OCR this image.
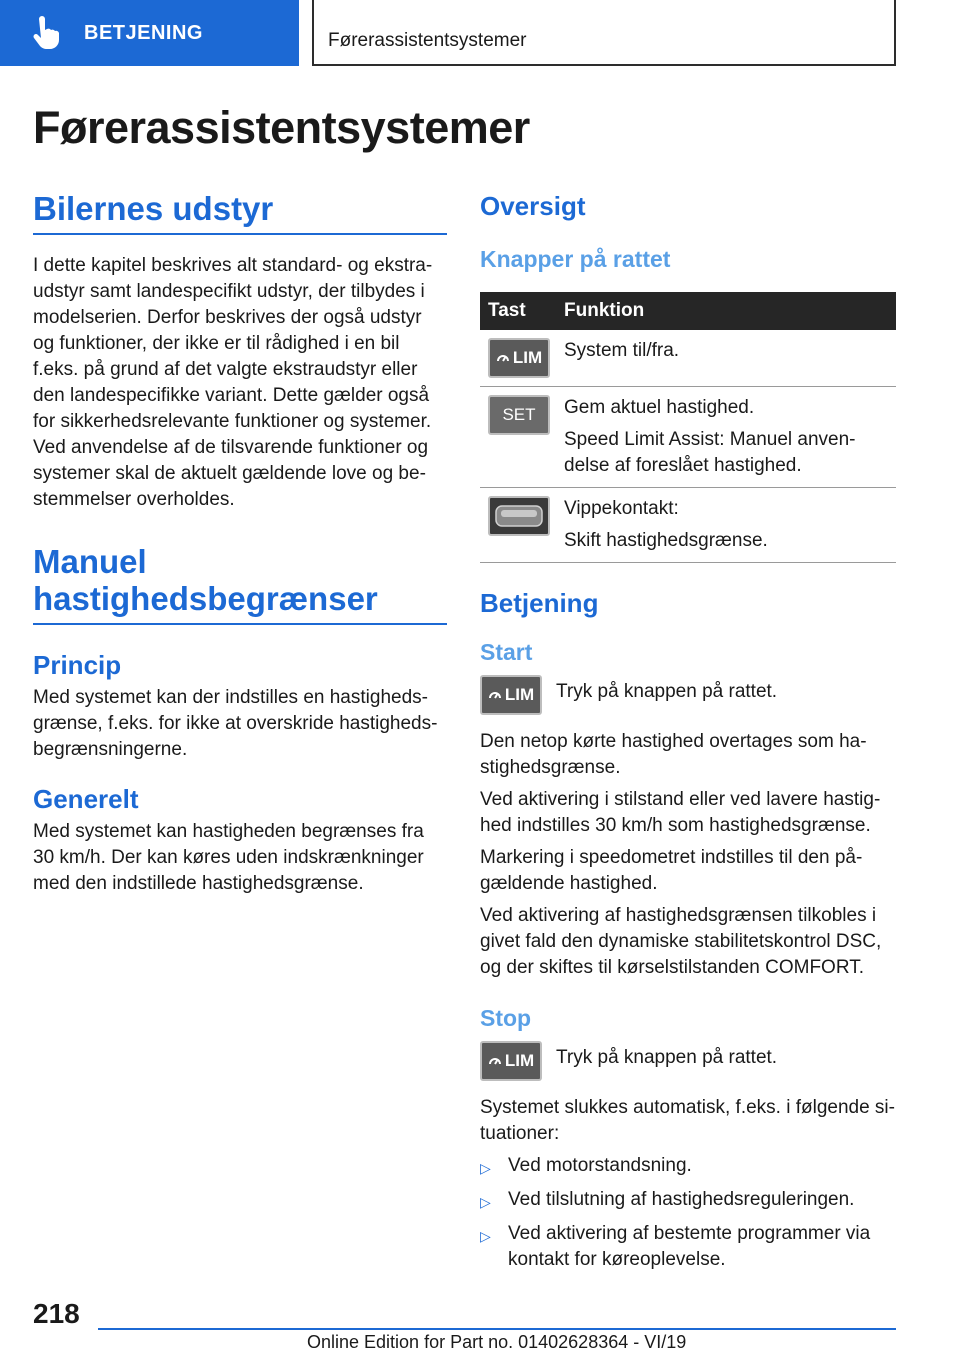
BETJENING	Førerassistentsystemer
Førerassistentsystemer
Bilernes udstyr

I dette kapitel beskrives alt standard- og ekstraudstyr samt landespecifikt udstyr, der tilbydes i modelserien. Derfor beskrives der også udstyr og funktioner, der ikke er til rådighed i en bil f.eks. på grund af det valgte ekstraudstyr eller den landespecifikke variant. Dette gælder også for sikkerhedsrelevante funktioner og systemer. Ved anvendelse af de tilsvarende funktioner og systemer skal de aktuelt gældende love og bestemmelser overholdes.

Manuel
hastighedsbegrænser
Princip

Med systemet kan der indstilles en hastighedsgrænse, f.eks. for ikke at overskride hastighedsbegrænsningerne.

Generelt

Med systemet kan hastigheden begrænses fra 30 km/h. Der kan køres uden indskrænkninger med den indstillede hastighedsgrænse.

Oversigt
Knapper på rattet
Tast	Funktion

LIM	System til/fra.

SET	Gem aktuel hastighed.
Speed Limit Assist: Manuel anvendelse af foreslået hastighed.

Vippekontakt:
Skift hastighedsgrænse.
Betjening
Start
LIM Tryk på knappen på rattet.

Den netop kørte hastighed overtages som hastighedsgrænse.

Ved aktivering i stilstand eller ved lavere hastighed indstilles 30 km/h som hastighedsgrænse.

Markering i speedometret indstilles til den pågældende hastighed.

Ved aktivering af hastighedsgrænsen tilkobles i givet fald den dynamiske stabilitetskontrol DSC, og der skiftes til kørselstilstanden COMFORT.

Stop
LIM Tryk på knappen på rattet.

Systemet slukkes automatisk, f.eks. i følgende situationer:

▷ Ved motorstandsning.
▷ Ved tilslutning af hastighedsreguleringen.
▷ Ved aktivering af bestemte programmer via kontakt for køreoplevelse.
218
Online Edition for Part no. 01402628364 - VI/19
